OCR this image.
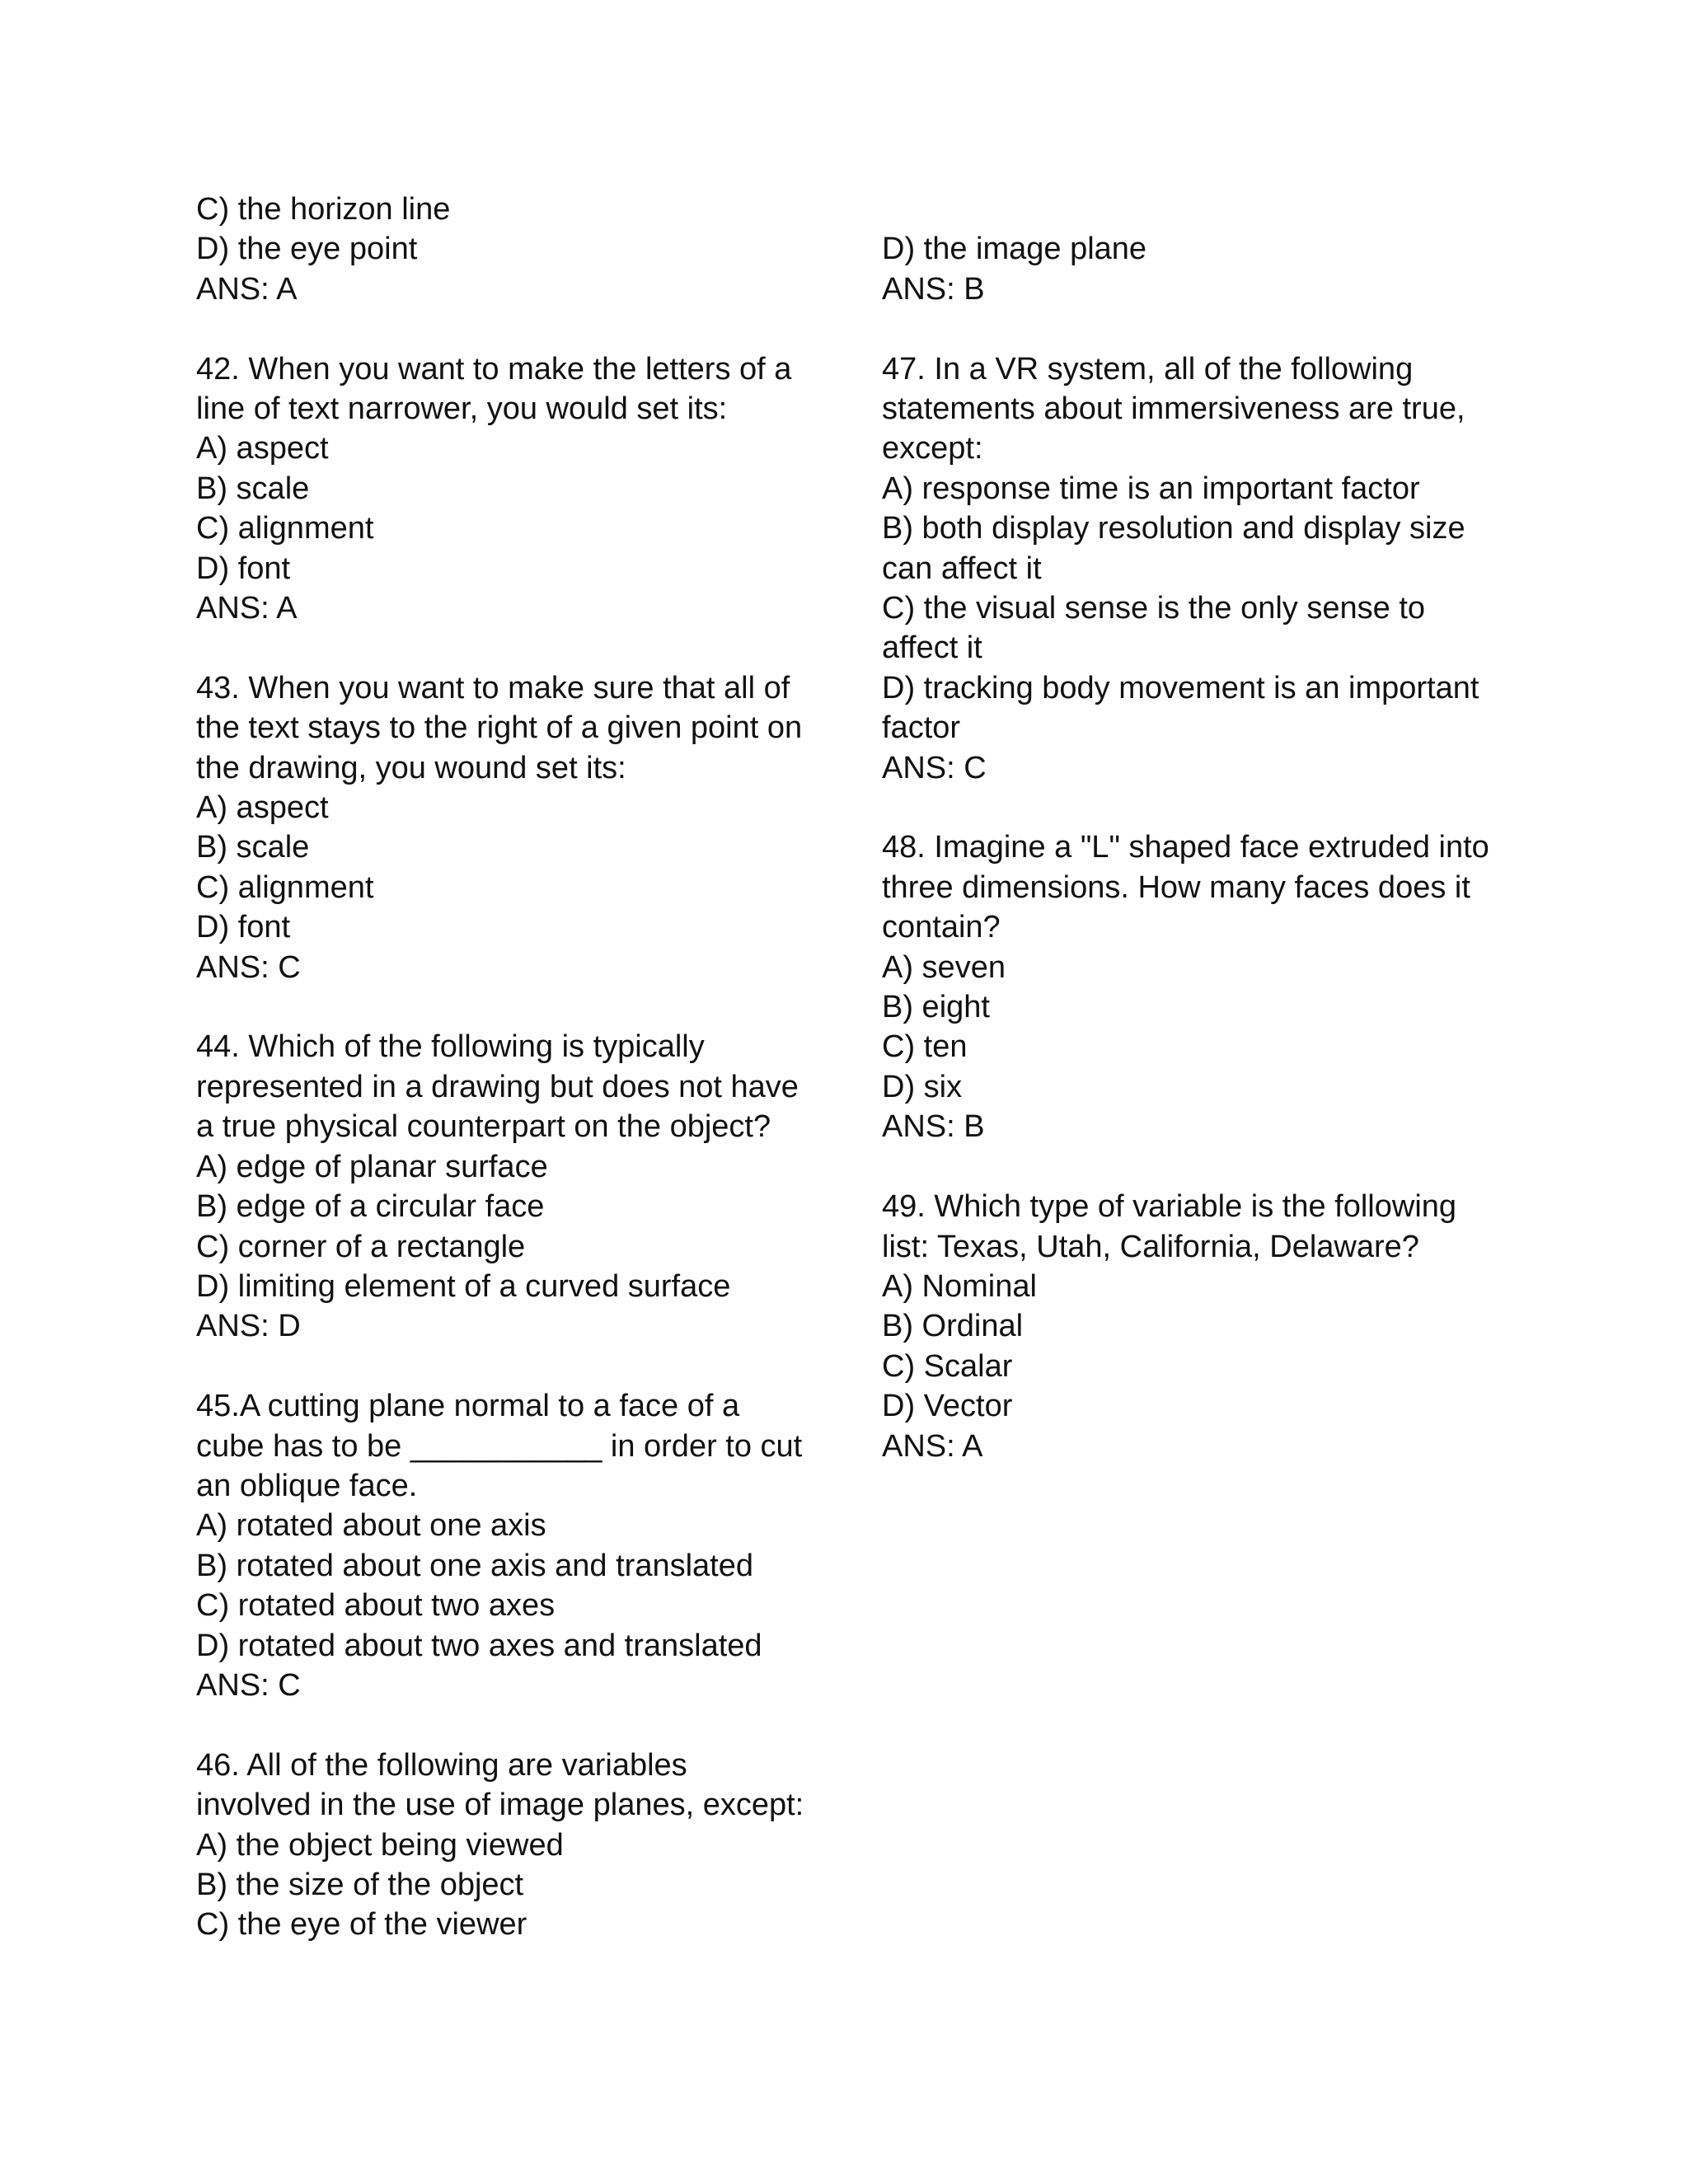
C) the horizon line
D) the eye point
ANS: A
42. When you want to make the letters of a
line of text narrower, you would set its:
A) aspect
B) scale
C) alignment
D) font
ANS: A
43. When you want to make sure that all of
the text stays to the right of a given point on
the drawing, you wound set its:
A) aspect
B) scale
C) alignment
D) font
ANS: C
44. Which of the following is typically
represented in a drawing but does not have
a true physical counterpart on the object?
A) edge of planar surface
B) edge of a circular face
C) corner of a rectangle
D) limiting element of a curved surface
ANS: D
45.A cutting plane normal to a face of a
cube has to be ___________ in order to cut
an oblique face.
A) rotated about one axis
B) rotated about one axis and translated
C) rotated about two axes
D) rotated about two axes and translated
ANS: C
46. All of the following are variables
involved in the use of image planes, except:
A) the object being viewed
B) the size of the object
C) the eye of the viewer
D) the image plane
ANS: B
47. In a VR system, all of the following
statements about immersiveness are true,
except:
A) response time is an important factor
B) both display resolution and display size
can affect it
C) the visual sense is the only sense to
affect it
D) tracking body movement is an important
factor
ANS: C
48. Imagine a "L" shaped face extruded into
three dimensions. How many faces does it
contain?
A) seven
B) eight
C) ten
D) six
ANS: B
49. Which type of variable is the following
list: Texas, Utah, California, Delaware?
A) Nominal
B) Ordinal
C) Scalar
D) Vector
ANS: A
